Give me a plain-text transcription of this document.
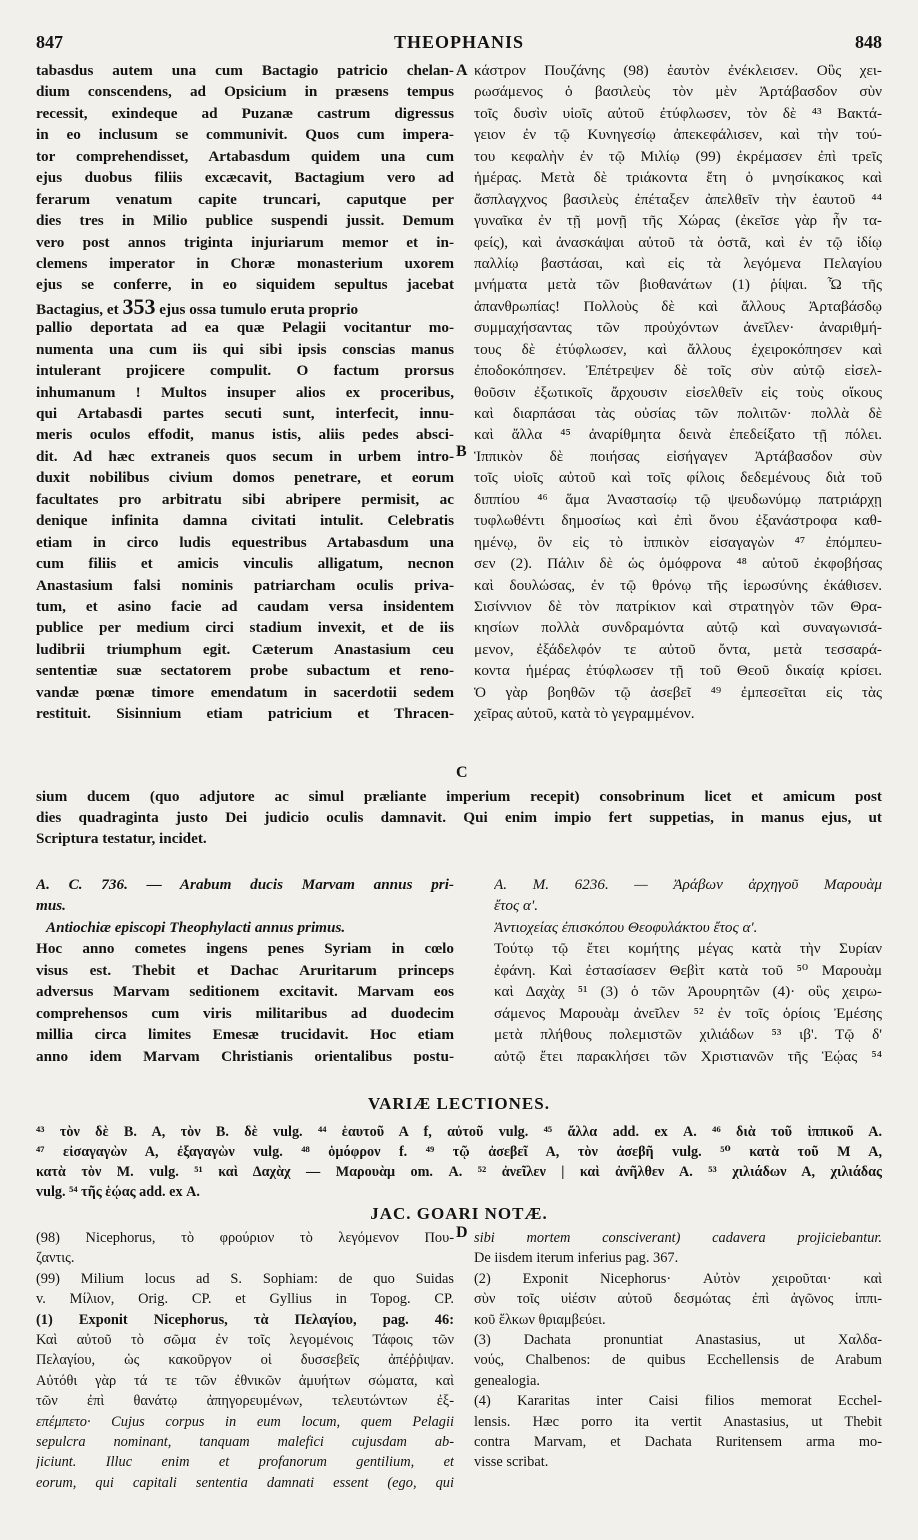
847	THEOPHANIS	848
tabasdus autem una cum Bactagio patricio chelan-
dium conscendens, ad Opsicium in præsens tempus
recessit, exindeque ad Puzanæ castrum digressus
in eo inclusum se communivit. Quos cum impera-
tor comprehendisset, Artabasdum quidem una cum
ejus duobus filiis excæcavit, Bactagium vero ad
ferarum venatum capite truncari, caputque per
dies tres in Milio publice suspendi jussit. Demum
vero post annos triginta injuriarum memor et in-
clemens imperator in Choræ monasterium uxorem
ejus se conferre, in eo siquidem sepultus jacebat
Bactagius, et 353 ejus ossa tumulo eruta proprio
pallio deportata ad ea quæ Pelagii vocitantur mo-
numenta una cum iis qui sibi ipsis conscias manus
intulerant projicere compulit. O factum prorsus
inhumanum ! Multos insuper alios ex proceribus,
qui Artabasdi partes secuti sunt, interfecit, innu-
meris oculos effodit, manus istis, aliis pedes absci-
dit. Ad hæc extraneis quos secum in urbem intro-
duxit nobilibus civium domos penetrare, et eorum
facultates pro arbitratu sibi abripere permisit, ac
denique infinita damna civitati intulit. Celebratis
etiam in circo ludis equestribus Artabasdum una
cum filiis et amicis vinculis alligatum, necnon
Anastasium falsi nominis patriarcham oculis priva-
tum, et asino facie ad caudam versa insidentem
publice per medium circi stadium invexit, et de iis
ludibrii triumphum egit. Cæterum Anastasium ceu
sententiæ suæ sectatorem probe subactum et reno-
vandæ pœnæ timore emendatum in sacerdotii sedem
restituit. Sisinnium etiam patricium et Thracen-
A
B
C
D
κάστρον Πουζάνης (98) ἑαυτὸν ἐνέκλεισεν. Οὓς χει-
ρωσάμενος ὁ βασιλεὺς τὸν μὲν Ἀρτάβασδον σὺν
τοῖς δυσὶν υἱοῖς αὐτοῦ ἐτύφλωσεν, τὸν δὲ ⁴³ Βακτά-
γειον ἐν τῷ Κυνηγεσίῳ ἀπεκεφάλισεν, καὶ τὴν τού-
του κεφαλὴν ἐν τῷ Μιλίῳ (99) ἐκρέμασεν ἐπὶ τρεῖς
ἡμέρας. Μετὰ δὲ τριάκοντα ἔτη ὁ μνησίκακος καὶ
ἄσπλαγχνος βασιλεὺς ἐπέταξεν ἀπελθεῖν τὴν ἑαυτοῦ ⁴⁴
γυναῖκα ἐν τῇ μονῇ τῆς Χώρας (ἐκεῖσε γὰρ ἦν τα-
φείς), καὶ ἀνασκάψαι αὐτοῦ τὰ ὀστᾶ, καὶ ἐν τῷ ἰδίῳ
παλλίῳ βαστάσαι, καὶ εἰς τὰ λεγόμενα Πελαγίου
μνήματα μετὰ τῶν βιοθανάτων (1) ῥίψαι. Ὦ τῆς
ἀπανθρωπίας! Πολλοὺς δὲ καὶ ἄλλους Ἀρταβάσδῳ
συμμαχήσαντας τῶν προὐχόντων ἀνεῖλεν· ἀναριθμή-
τους δὲ ἐτύφλωσεν, καὶ ἄλλους ἐχειροκόπησεν καὶ
ἐποδοκόπησεν. Ἐπέτρεψεν δὲ τοῖς σὺν αὐτῷ εἰσελ-
θοῦσιν ἐξωτικοῖς ἄρχουσιν εἰσελθεῖν εἰς τοὺς οἴκους
καὶ διαρπάσαι τὰς οὐσίας τῶν πολιτῶν· πολλὰ δὲ
καὶ ἄλλα ⁴⁵ ἀναρίθμητα δεινὰ ἐπεδείξατο τῇ πόλει.
Ἱππικὸν δὲ ποιήσας εἰσήγαγεν Ἀρτάβασδον σὺν
τοῖς υἱοῖς αὐτοῦ καὶ τοῖς φίλοις δεδεμένους διὰ τοῦ
διππίου ⁴⁶ ἅμα Ἀναστασίῳ τῷ ψευδωνύμῳ πατριάρχῃ
τυφλωθέντι δημοσίως καὶ ἐπὶ ὄνου ἐξανάστροφα καθ-
ημένῳ, ὃν εἰς τὸ ἱππικὸν εἰσαγαγὼν ⁴⁷ ἐπόμπευ-
σεν (2). Πάλιν δὲ ὡς ὁμόφρονα ⁴⁸ αὐτοῦ ἐκφοβήσας
καὶ δουλώσας, ἐν τῷ θρόνῳ τῆς ἱερωσύνης ἐκάθισεν.
Σισίννιον δὲ τὸν πατρίκιον καὶ στρατηγὸν τῶν Θρα-
κησίων πολλὰ συνδραμόντα αὐτῷ καὶ συναγωνισά-
μενον, ἐξάδελφόν τε αὐτοῦ ὄντα, μετὰ τεσσαρά-
κοντα ἡμέρας ἐτύφλωσεν τῇ τοῦ Θεοῦ δικαίᾳ κρίσει.
Ὁ γὰρ βοηθῶν τῷ ἀσεβεῖ ⁴⁹ ἐμπεσεῖται εἰς τὰς
χεῖρας αὐτοῦ, κατὰ τὸ γεγραμμένον.
sium ducem (quo adjutore ac simul præliante imperium recepit) consobrinum licet et amicum post
dies quadraginta justo Dei judicio oculis damnavit. Qui enim impio fert suppetias, in manus ejus, ut
Scriptura testatur, incidet.
A. C. 736. — Arabum ducis Marvam annus pri-
mus.
Antiochiæ episcopi Theophylacti annus primus.
Hoc anno cometes ingens penes Syriam in cœlo
visus est. Thebit et Dachac Aruritarum princeps
adversus Marvam seditionem excitavit. Marvam eos
comprehensos cum viris militaribus ad duodecim
millia circa limites Emesæ trucidavit. Hoc etiam
anno idem Marvam Christianis orientalibus postu-
A. M. 6236. — Ἀράβων ἀρχηγοῦ Μαρουὰμ
ἔτος α'.
Ἀντιοχείας ἐπισκόπου Θεοφυλάκτου ἔτος α'.
Τούτῳ τῷ ἔτει κομήτης μέγας κατὰ τὴν Συρίαν
ἐφάνη. Καὶ ἐστασίασεν Θεβὶτ κατὰ τοῦ ⁵⁰ Μαρουὰμ
καὶ Δαχὰχ ⁵¹ (3) ὁ τῶν Ἀρουρητῶν (4)· οὓς χειρω-
σάμενος Μαρουὰμ ἀνεῖλεν ⁵² ἐν τοῖς ὁρίοις Ἐμέσης
μετὰ πλήθους πολεμιστῶν χιλιάδων ⁵³ ιβ'. Τῷ δ'
αὐτῷ ἔτει παρακλήσει τῶν Χριστιανῶν τῆς Ἑῴας ⁵⁴
VARIÆ LECTIONES.
⁴³ τὸν δὲ Β. Α, τὸν Β. δὲ vulg. ⁴⁴ ἑαυτοῦ Α f, αὐτοῦ vulg. ⁴⁵ ἄλλα add. ex Α. ⁴⁶ διὰ τοῦ ἱππικοῦ Α.
⁴⁷ εἰσαγαγὼν Α, ἐξαγαγὼν vulg. ⁴⁸ ὁμόφρον f. ⁴⁹ τῷ ἀσεβεῖ Α, τὸν ἀσεβῆ vulg. ⁵⁰ κατὰ τοῦ Μ Α,
κατὰ τὸν Μ. vulg. ⁵¹ καὶ Δαχὰχ — Μαρουὰμ om. Α. ⁵² ἀνεῖλεν | καὶ ἀνῆλθεν Α. ⁵³ χιλιάδων Α, χιλιάδας
vulg. ⁵⁴ τῆς ἑῴας add. ex Α.
JAC. GOARI NOTÆ.
(98) Nicephorus, τὸ φρούριον τὸ λεγόμενον Που-
ζαντις.
(99) Milium locus ad S. Sophiam: de quo Suidas
v. Μίλιον, Orig. CP. et Gyllius in Topog. CP.
(1) Exponit Nicephorus, τὰ Πελαγίου, pag. 46:
Καὶ αὐτοῦ τὸ σῶμα ἐν τοῖς λεγομένοις Τάφοις τῶν
Πελαγίου, ὡς κακοῦργον οἱ δυσσεβεῖς ἀπέῤῥιψαν.
Αὐτόθι γὰρ τά τε τῶν ἐθνικῶν ἀμυήτων σώματα, καὶ
τῶν ἐπὶ θανάτῳ ἀπηγορευμένων, τελευτώντων ἐξ-
επέμπετο· Cujus corpus in eum locum, quem Pelagii
sepulcra nominant, tanquam malefici cujusdam ab-
jiciunt. Illuc enim et profanorum gentilium, et
eorum, qui capitali sententia damnati essent (ego, qui
sibi mortem consciverant) cadavera projiciebantur.
De iisdem iterum inferius pag. 367.
(2) Exponit Nicephorus· Αὐτὸν χειροῦται· καὶ
σὺν τοῖς υἱέσιν αὐτοῦ δεσμώτας ἐπὶ ἀγῶνος ἱππι-
κοῦ ἕλκων θριαμβεύει.
(3) Dachata pronuntiat Anastasius, ut Χαλδα-
νούς, Chalbenos: de quibus Ecchellensis de Arabum
genealogia.
(4) Kararitas inter Caisi filios memorat Ecchel-
lensis. Hæc porro ita vertit Anastasius, ut Thebit
contra Marvam, et Dachata Ruritensem arma mo-
visse scribat.
